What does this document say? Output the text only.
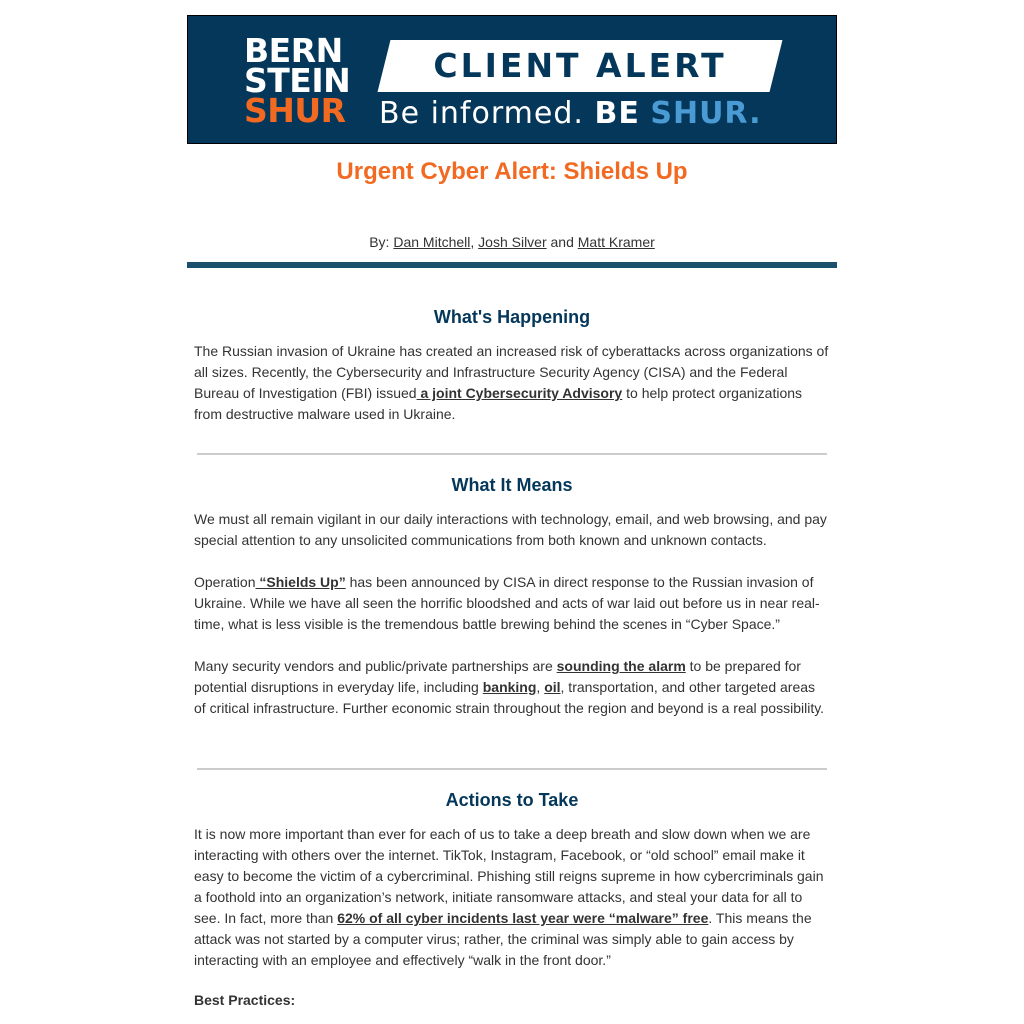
BERN
STEIN
SHUR
CLIENT ALERT
Be informed. BE SHUR.
Urgent Cyber Alert: Shields Up
By: Dan Mitchell, Josh Silver and Matt Kramer
What's Happening

The Russian invasion of Ukraine has created an increased risk of cyberattacks across organizations of all sizes. Recently, the Cybersecurity and Infrastructure Security Agency (CISA) and the Federal Bureau of Investigation (FBI) issued a joint Cybersecurity Advisory to help protect organizations from destructive malware used in Ukraine.

What It Means

We must all remain vigilant in our daily interactions with technology, email, and web browsing, and pay special attention to any unsolicited communications from both known and unknown contacts.

Operation “Shields Up” has been announced by CISA in direct response to the Russian invasion of Ukraine. While we have all seen the horrific bloodshed and acts of war laid out before us in near real-time, what is less visible is the tremendous battle brewing behind the scenes in “Cyber Space.”

Many security vendors and public/private partnerships are sounding the alarm to be prepared for potential disruptions in everyday life, including banking, oil, transportation, and other targeted areas of critical infrastructure. Further economic strain throughout the region and beyond is a real possibility.

Actions to Take

It is now more important than ever for each of us to take a deep breath and slow down when we are interacting with others over the internet. TikTok, Instagram, Facebook, or “old school” email make it easy to become the victim of a cybercriminal. Phishing still reigns supreme in how cybercriminals gain a foothold into an organization’s network, initiate ransomware attacks, and steal your data for all to see. In fact, more than 62% of all cyber incidents last year were “malware” free. This means the attack was not started by a computer virus; rather, the criminal was simply able to gain access by interacting with an employee and effectively “walk in the front door.”

Best Practices:
